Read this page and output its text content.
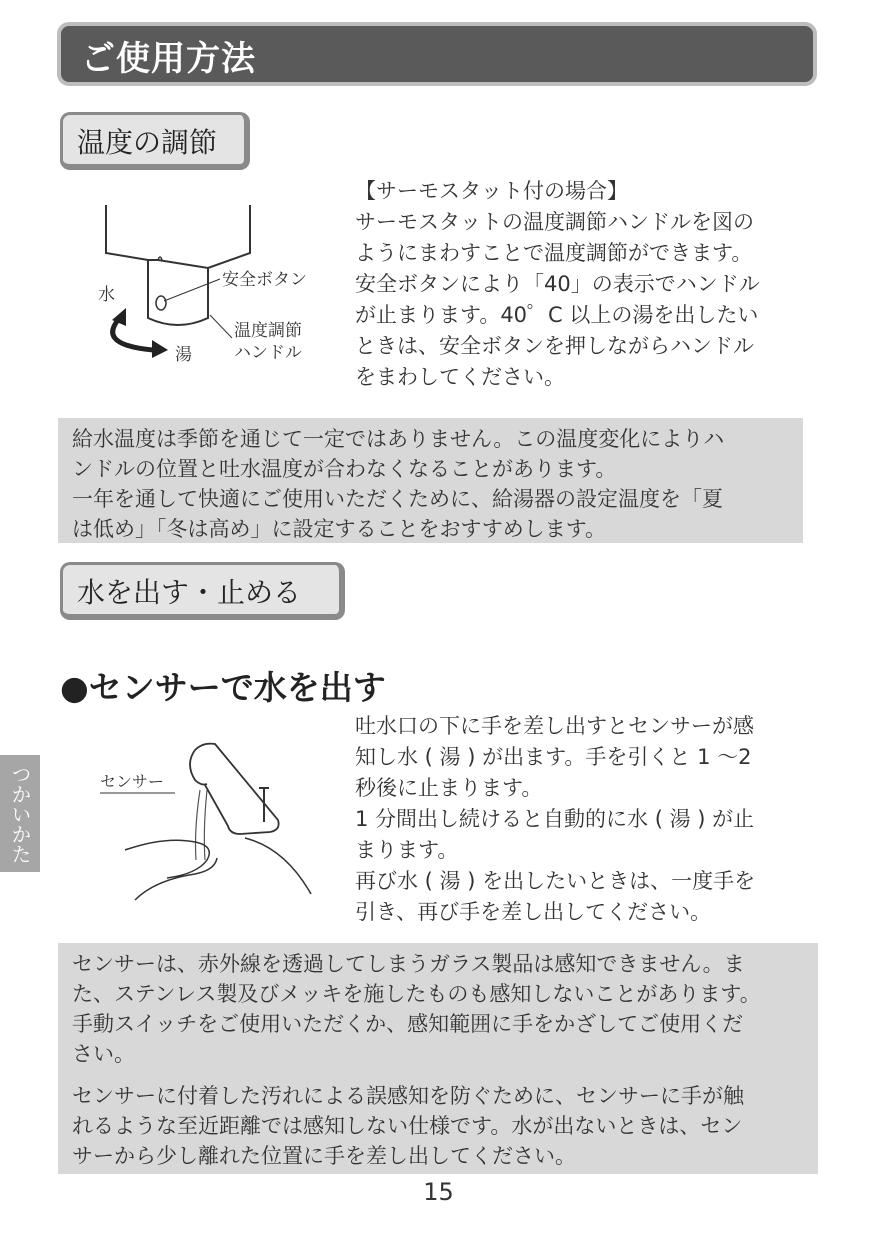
ご使用方法
温度の調節
水
湯
安全ボタン
温度調節
ハンドル
【サーモスタット付の場合】
サーモスタットの温度調節ハンドルを図の
ようにまわすことで温度調節ができます。
安全ボタンにより「40」の表示でハンドル
が止まります。40゜C 以上の湯を出したい
ときは、安全ボタンを押しながらハンドル
をまわしてください。
給水温度は季節を通じて一定ではありません。この温度変化によりハ
ンドルの位置と吐水温度が合わなくなることがあります。
一年を通して快適にご使用いただくために、給湯器の設定温度を「夏
は低め」「冬は高め」に設定することをおすすめします。
水を出す・止める
●センサーで水を出す
つかいかた	センサー
吐水口の下に手を差し出すとセンサーが感
知し水 ( 湯 ) が出ます。手を引くと 1 ～2
秒後に止まります。
1 分間出し続けると自動的に水 ( 湯 ) が止
まります。
再び水 ( 湯 ) を出したいときは、一度手を
引き、再び手を差し出してください。
センサーは、赤外線を透過してしまうガラス製品は感知できません。ま
た、ステンレス製及びメッキを施したものも感知しないことがあります。
手動スイッチをご使用いただくか、感知範囲に手をかざしてご使用くだ
さい。
センサーに付着した汚れによる誤感知を防ぐために、センサーに手が触
れるような至近距離では感知しない仕様です。水が出ないときは、セン
サーから少し離れた位置に手を差し出してください。
15
